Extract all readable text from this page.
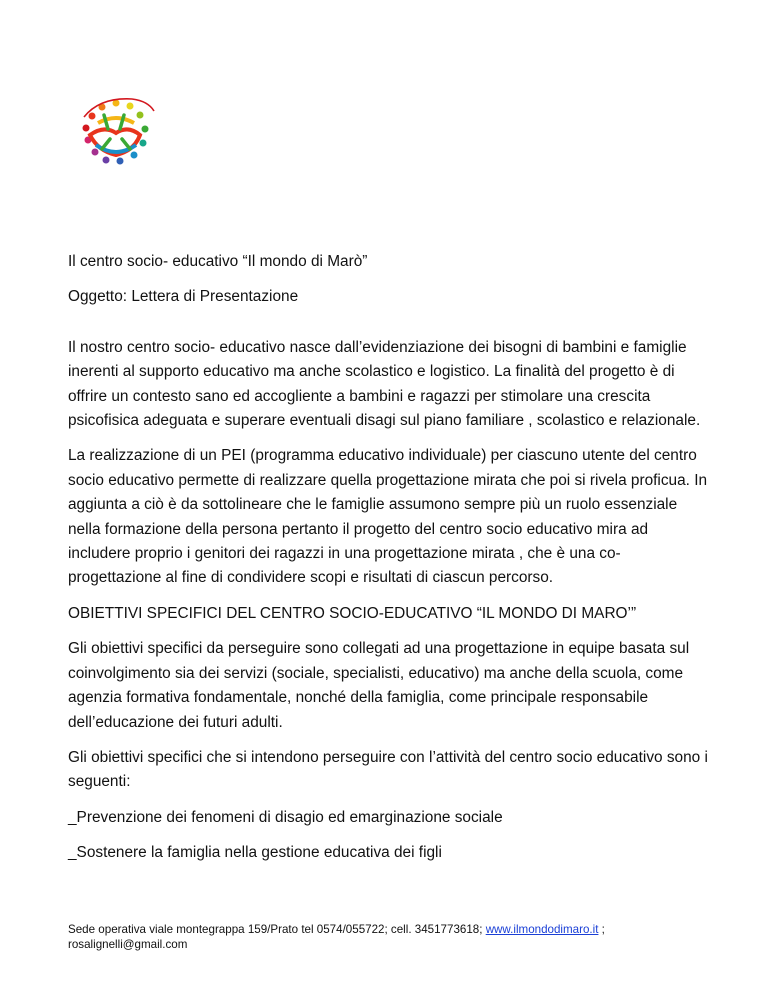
Il centro socio- educativo “Il mondo di Marò”

Oggetto: Lettera di Presentazione

Il nostro centro socio- educativo nasce dall’evidenziazione dei bisogni di bambini e famiglie inerenti al supporto educativo ma anche scolastico e logistico. La finalità del progetto è di offrire un contesto sano ed accogliente a bambini e ragazzi per stimolare una crescita psicofisica adeguata e superare eventuali disagi sul piano familiare , scolastico e relazionale.

La realizzazione di un PEI (programma educativo individuale) per ciascuno utente del centro socio educativo permette di realizzare quella progettazione mirata che poi si rivela proficua. In aggiunta a ciò è da sottolineare che le famiglie assumono sempre più un ruolo essenziale nella formazione della persona pertanto il progetto del centro socio educativo mira ad includere proprio i genitori dei ragazzi in una progettazione mirata , che è una co-progettazione al fine di condividere scopi e risultati di ciascun percorso.

OBIETTIVI SPECIFICI DEL CENTRO SOCIO-EDUCATIVO “IL MONDO DI MARO’”

Gli obiettivi specifici da perseguire sono collegati ad una progettazione in equipe basata sul coinvolgimento sia dei servizi (sociale, specialisti, educativo) ma anche della scuola, come agenzia formativa fondamentale, nonché della famiglia, come principale responsabile dell’educazione dei futuri adulti.

Gli obiettivi specifici che si intendono perseguire con l’attività del centro socio educativo sono i seguenti:

_Prevenzione dei fenomeni di disagio ed emarginazione sociale

_Sostenere la famiglia nella gestione educativa dei figli

Sede operativa viale montegrappa 159/Prato tel 0574/055722; cell. 3451773618; www.ilmondodimaro.it ; rosalignelli@gmail.com
